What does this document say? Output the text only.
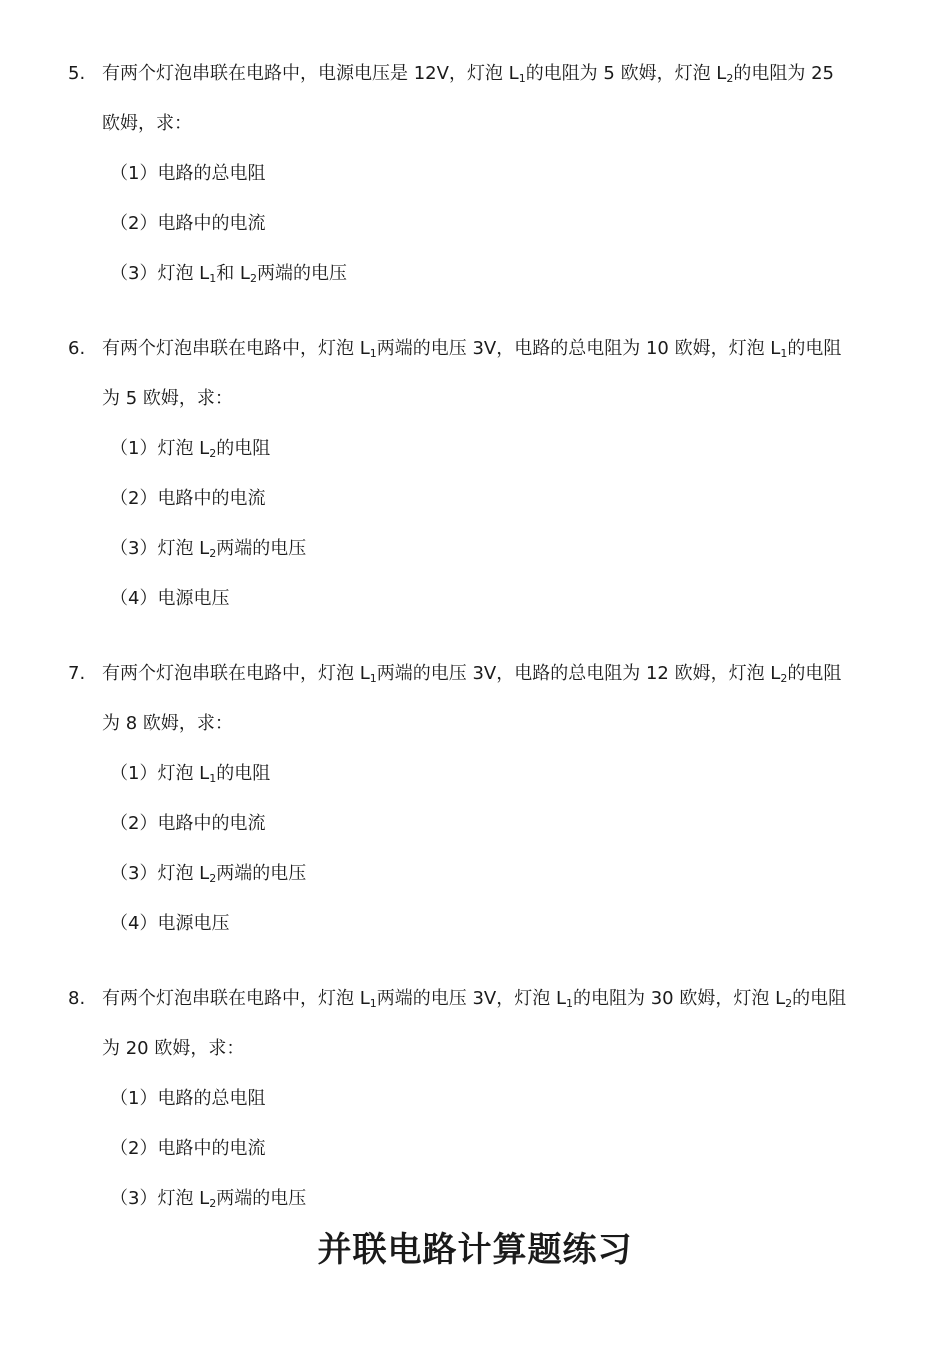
5. 有两个灯泡串联在电路中，电源电压是 12V，灯泡 $L_1$的电阻为 5 欧姆，灯泡 $L_2$的电阻为 25
欧姆，求：
（1）电路的总电阻
（2）电路中的电流
（3）灯泡 $L_1$和 $L_2$两端的电压
6. 有两个灯泡串联在电路中，灯泡 $L_1$两端的电压 3V，电路的总电阻为 10 欧姆，灯泡 $L_1$的电阻
为 5 欧姆，求：
（1）灯泡 $L_2$的电阻
（2）电路中的电流
（3）灯泡 $L_2$两端的电压
（4）电源电压
7. 有两个灯泡串联在电路中，灯泡 $L_1$两端的电压 3V，电路的总电阻为 12 欧姆，灯泡 $L_2$的电阻
为 8 欧姆，求：
（1）灯泡 $L_1$的电阻
（2）电路中的电流
（3）灯泡 $L_2$两端的电压
（4）电源电压
8. 有两个灯泡串联在电路中，灯泡 $L_1$两端的电压 3V，灯泡 $L_1$的电阻为 30 欧姆，灯泡 $L_2$的电阻
为 20 欧姆，求：
（1）电路的总电阻
（2）电路中的电流
（3）灯泡 $L_2$两端的电压
并联电路计算题练习
